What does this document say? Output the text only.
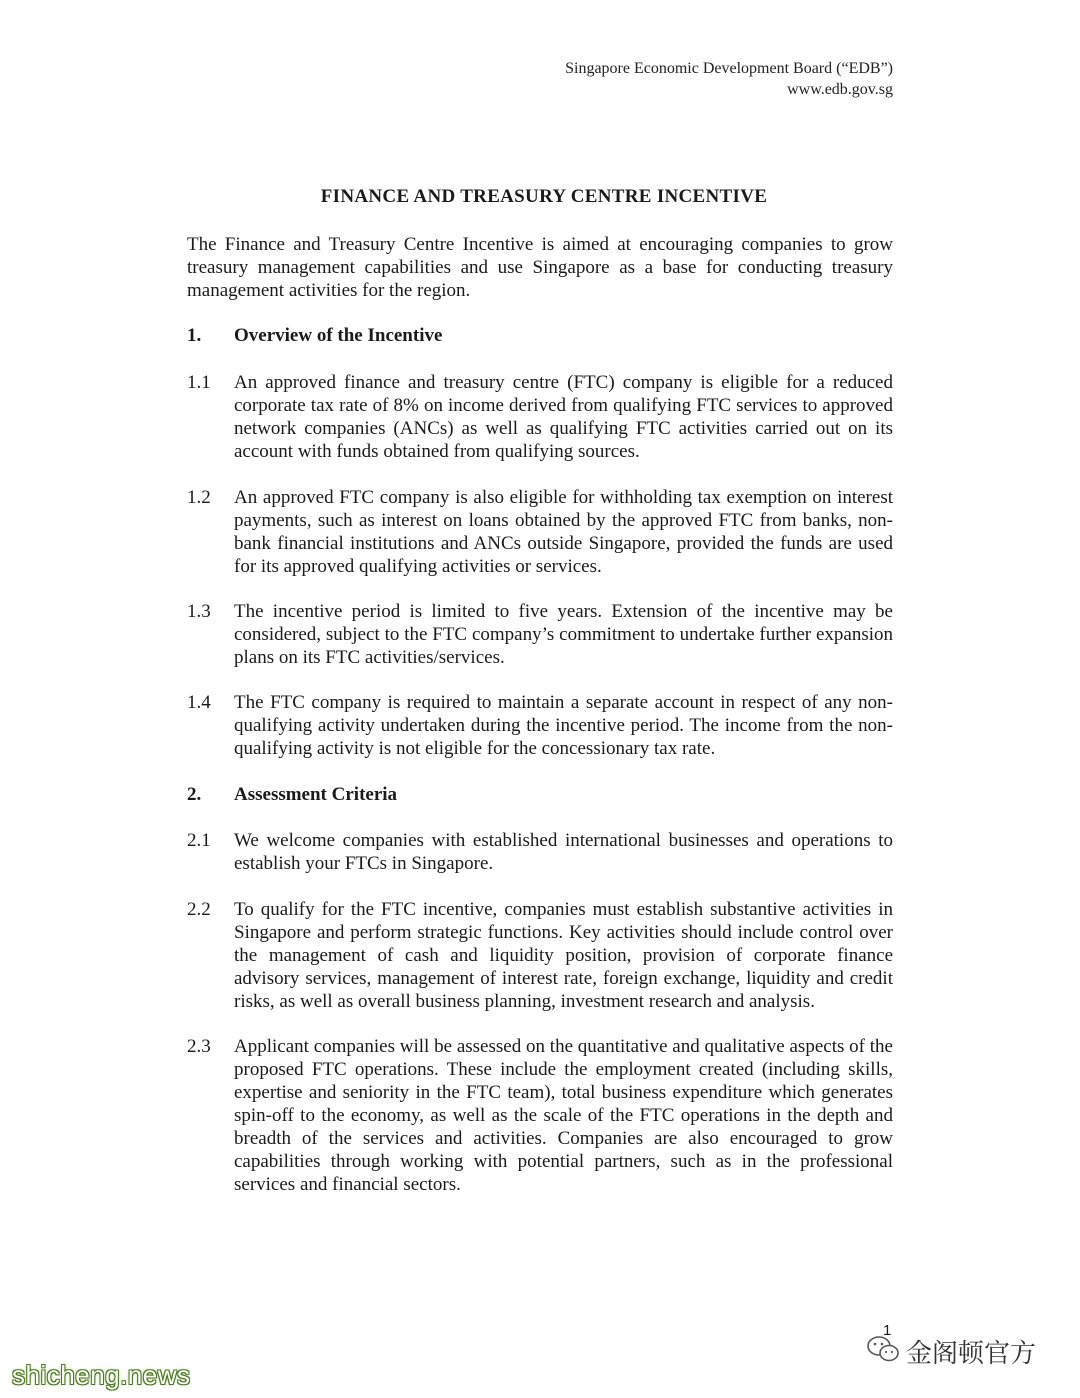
Singapore Economic Development Board (“EDB”)
www.edb.gov.sg
FINANCE AND TREASURY CENTRE INCENTIVE
The Finance and Treasury Centre Incentive is aimed at encouraging companies to grow treasury management capabilities and use Singapore as a base for conducting treasury management activities for the region.
1. Overview of the Incentive
1.1 An approved finance and treasury centre (FTC) company is eligible for a reduced corporate tax rate of 8% on income derived from qualifying FTC services to approved network companies (ANCs) as well as qualifying FTC activities carried out on its account with funds obtained from qualifying sources.
1.2 An approved FTC company is also eligible for withholding tax exemption on interest payments, such as interest on loans obtained by the approved FTC from banks, non-bank financial institutions and ANCs outside Singapore, provided the funds are used for its approved qualifying activities or services.
1.3 The incentive period is limited to five years. Extension of the incentive may be considered, subject to the FTC company’s commitment to undertake further expansion plans on its FTC activities/services.
1.4 The FTC company is required to maintain a separate account in respect of any non-qualifying activity undertaken during the incentive period. The income from the non-qualifying activity is not eligible for the concessionary tax rate.
2. Assessment Criteria
2.1 We welcome companies with established international businesses and operations to establish your FTCs in Singapore.
2.2 To qualify for the FTC incentive, companies must establish substantive activities in Singapore and perform strategic functions. Key activities should include control over the management of cash and liquidity position, provision of corporate finance advisory services, management of interest rate, foreign exchange, liquidity and credit risks, as well as overall business planning, investment research and analysis.
2.3 Applicant companies will be assessed on the quantitative and qualitative aspects of the proposed FTC operations. These include the employment created (including skills, expertise and seniority in the FTC team), total business expenditure which generates spin-off to the economy, as well as the scale of the FTC operations in the depth and breadth of the services and activities. Companies are also encouraged to grow capabilities through working with potential partners, such as in the professional services and financial sectors.
1
shicheng.news
金阁顿官方
